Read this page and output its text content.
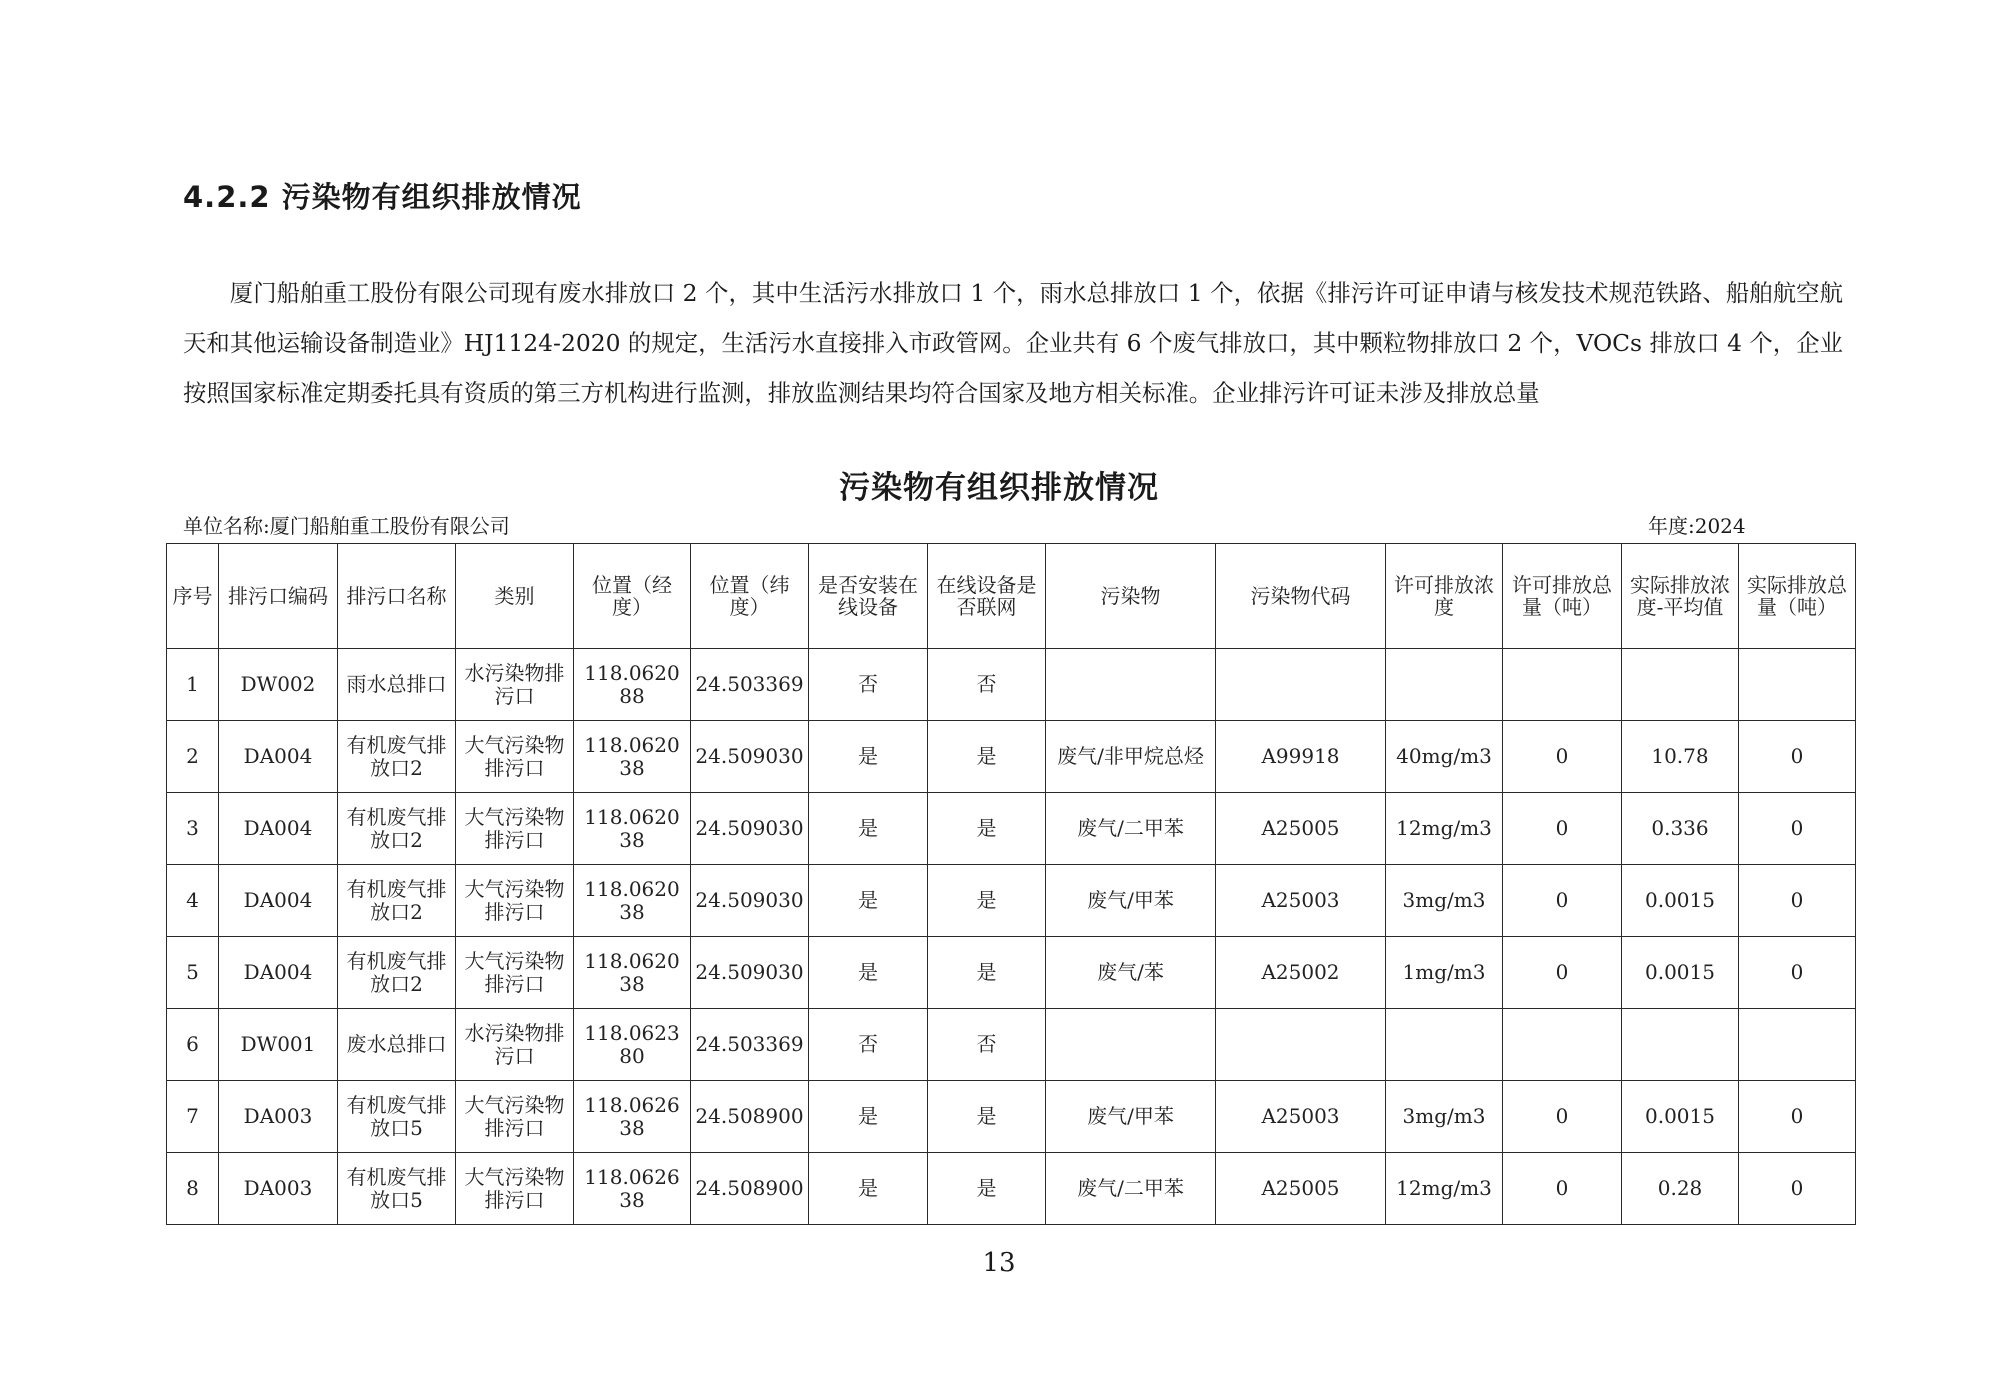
4.2.2 污染物有组织排放情况
厦门船舶重工股份有限公司现有废水排放口 2 个，其中生活污水排放口 1 个，雨水总排放口 1 个，依据《排污许可证申请与核发技术规范铁路、船舶航空航天和其他运输设备制造业》HJ1124-2020 的规定，生活污水直接排入市政管网。企业共有 6 个废气排放口，其中颗粒物排放口 2 个，VOCs 排放口 4 个，企业按照国家标准定期委托具有资质的第三方机构进行监测，排放监测结果均符合国家及地方相关标准。企业排污许可证未涉及排放总量
污染物有组织排放情况
单位名称:厦门船舶重工股份有限公司	年度:2024
序号	排污口编码	排污口名称	类别	位置（经度）	位置（纬度）	是否安装在线设备	在线设备是否联网	污染物	污染物代码	许可排放浓度	许可排放总量（吨）	实际排放浓度-平均值	实际排放总量（吨）
1	DW002	雨水总排口	水污染物排污口	118.062088	24.503369	否	否						
2	DA004	有机废气排放口2	大气污染物排污口	118.062038	24.509030	是	是	废气/非甲烷总烃	A99918	40mg/m3	0	10.78	0
3	DA004	有机废气排放口2	大气污染物排污口	118.062038	24.509030	是	是	废气/二甲苯	A25005	12mg/m3	0	0.336	0
4	DA004	有机废气排放口2	大气污染物排污口	118.062038	24.509030	是	是	废气/甲苯	A25003	3mg/m3	0	0.0015	0
5	DA004	有机废气排放口2	大气污染物排污口	118.062038	24.509030	是	是	废气/苯	A25002	1mg/m3	0	0.0015	0
6	DW001	废水总排口	水污染物排污口	118.062380	24.503369	否	否						
7	DA003	有机废气排放口5	大气污染物排污口	118.062638	24.508900	是	是	废气/甲苯	A25003	3mg/m3	0	0.0015	0
8	DA003	有机废气排放口5	大气污染物排污口	118.062638	24.508900	是	是	废气/二甲苯	A25005	12mg/m3	0	0.28	0
13
